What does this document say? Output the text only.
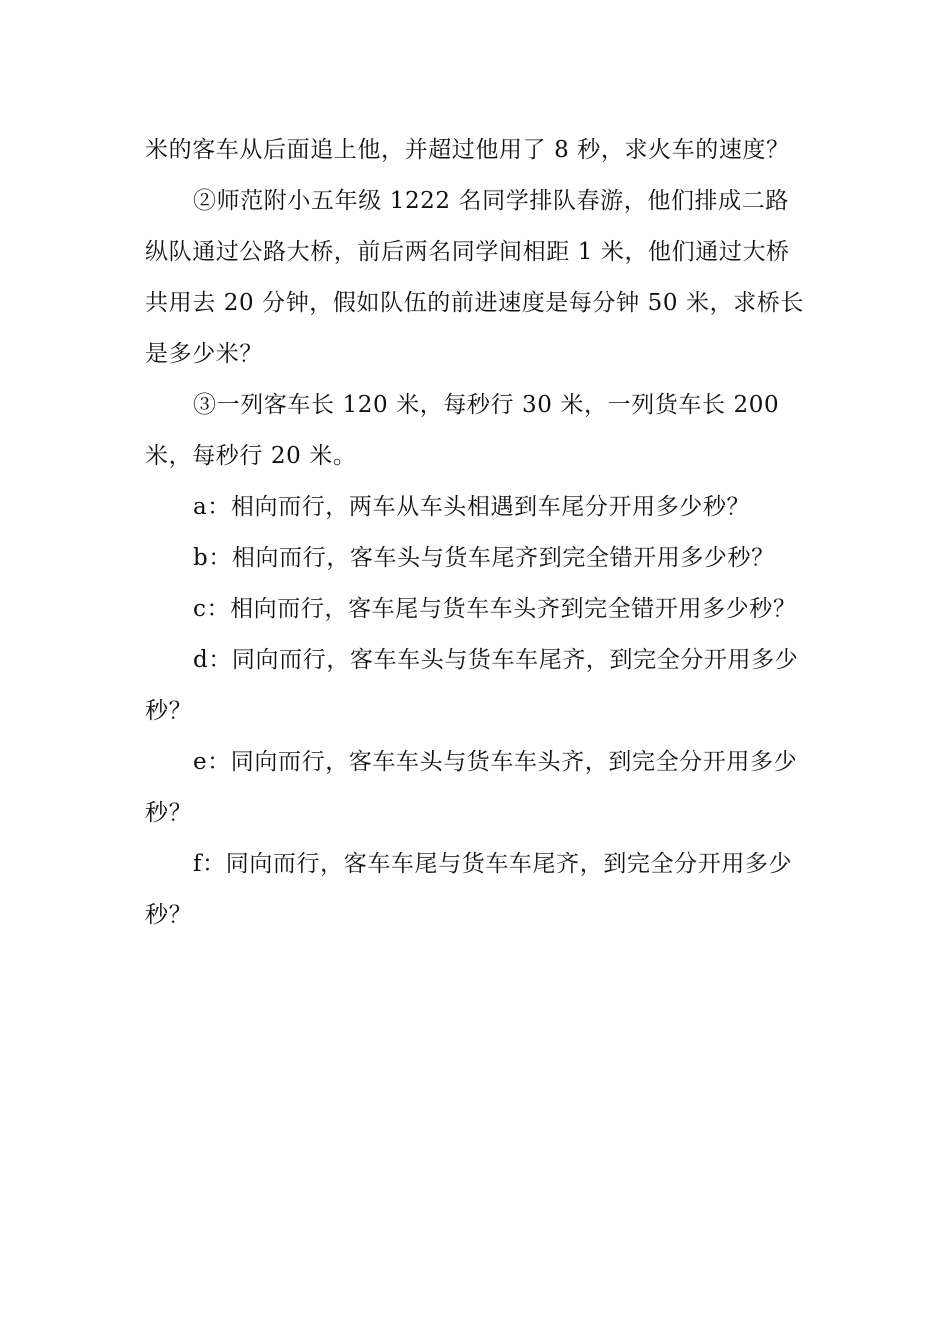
米的客车从后面追上他，并超过他用了 8 秒，求火车的速度？

②师范附小五年级 1222 名同学排队春游，他们排成二路纵队通过公路大桥，前后两名同学间相距 1 米，他们通过大桥共用去 20 分钟，假如队伍的前进速度是每分钟 50 米，求桥长是多少米？

③一列客车长 120 米，每秒行 30 米，一列货车长 200 米，每秒行 20 米。

a：相向而行，两车从车头相遇到车尾分开用多少秒？

b：相向而行，客车头与货车尾齐到完全错开用多少秒？

c：相向而行，客车尾与货车车头齐到完全错开用多少秒？

d：同向而行，客车车头与货车车尾齐，到完全分开用多少秒？

e：同向而行，客车车头与货车车头齐，到完全分开用多少秒？

f：同向而行，客车车尾与货车车尾齐，到完全分开用多少秒？
